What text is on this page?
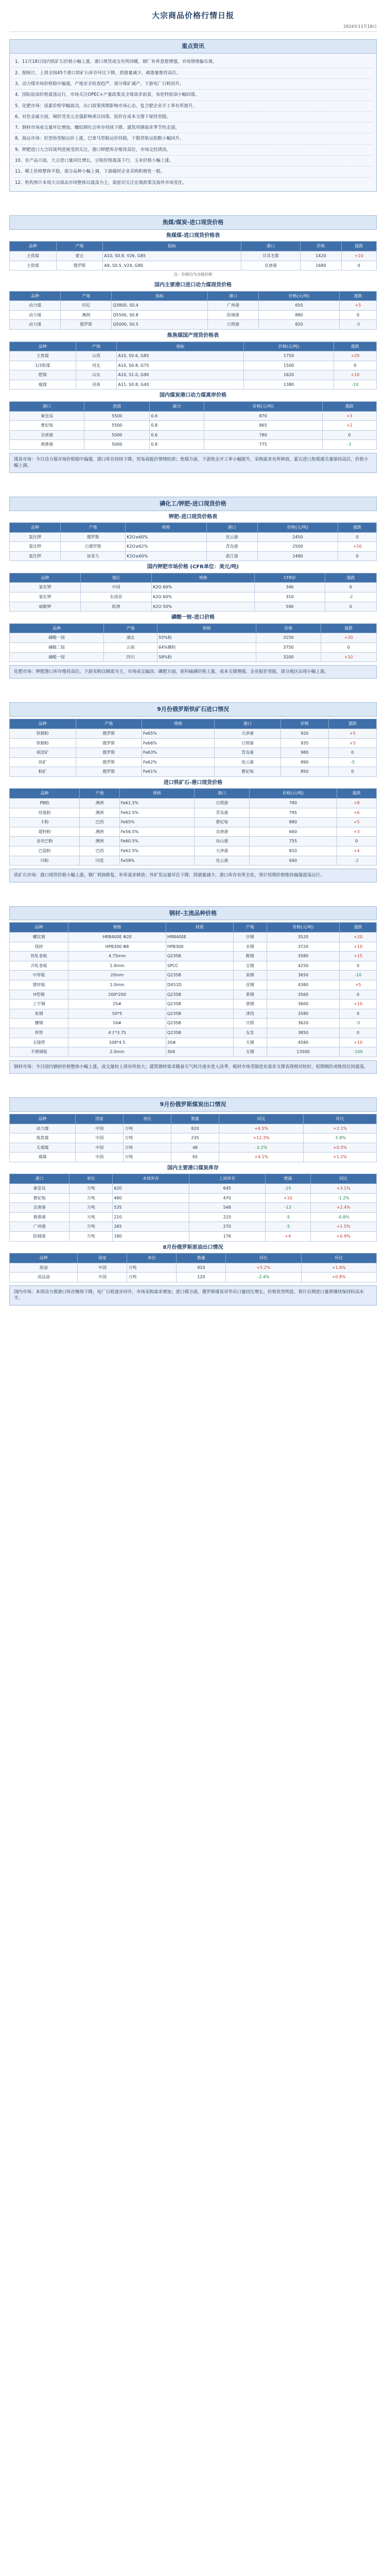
大宗商品价格行情日报
2024年11月18日
重点资讯
1、11月18日国内铁矿石价格小幅上涨，港口现货成交有所回暖，钢厂补库意愿增强，市场情绪偏乐观。
2、据统计，上周全国45个港口铁矿石库存环比下降，到港量减少，疏港量维持高位。
3、动力煤市场价格稳中偏强，产地安全检查趋严，部分煤矿减产，下游电厂日耗回升。
4、国际原油价格震荡运行，市场关注OPEC+产量政策及全球需求前景，布伦特原油小幅回落。
5、化肥市场：尿素价格窄幅波动，出口政策预期影响市场心态，复合肥企业开工率有所提升。
6、有色金属方面，铜价受美元走强影响承压回落，铝价在成本支撑下保持坚挺。
7、钢材市场成交量环比增加，螺纹钢社会库存持续下降，建筑用钢需求季节性走弱。
8、海运市场：好望角型船运价上涨，巴拿马型船运价持稳，干散货航运指数小幅回升。
9、钾肥进口大合同谈判进展受到关注，港口钾肥库存维持高位，市场交投清淡。
10、农产品方面，大豆进口量同比增长，豆粕价格震荡下行，玉米价格小幅上涨。
11、稀土价格整体平稳，部分品种小幅上调，下游磁材企业采购积极性一般。
12、机构预计本周大宗商品市场整体以震荡为主，需密切关注宏观政策及海外市场变化。
焦煤/煤炭-进口现货价格
焦煤煤-进口现货价格表
品种	产地	指标	港口	价格	涨跌
主焦煤	蒙古	A10, S0.8, V26, G85	甘其毛都	1420	+10
主焦煤	俄罗斯	A9, S0.5, V24, G80	京唐港	1680	0
注：价格均为含税价格
国内主要港口进口动力煤现货价格
品种	产地	指标	港口	价格(元/吨)	涨跌
动力煤	印尼	Q3800, S0.4	广州港	650	+5
动力煤	澳洲	Q5500, S0.8	防城港	880	0
动力煤	俄罗斯	Q5000, S0.5	日照港	820	-5
炼焦煤国产现货价格表
品种	产地	指标	价格(元/吨)	涨跌
主焦煤	山西	A10, S0.6, G85	1750	+20
1/3焦煤	河北	A10, S0.8, G75	1500	0
肥煤	山东	A10, S1.0, G90	1620	+10
瘦煤	河南	A11, S0.8, G40	1380	-10
国内煤炭港口动力煤离岸价格
港口	热值	硫分	价格(元/吨)	涨跌
秦皇岛	5500	0.6	870	+3
曹妃甸	5500	0.8	865	+2
京唐港	5000	0.6	780	0
黄骅港	5000	0.8	775	-2
煤炭市场：今日动力煤市场价格稳中偏强，港口库存持续下降，贸易商挺价情绪较浓；焦煤方面，下游焦企开工率小幅提升，采购需求有所释放，蒙古进口焦煤通关量保持高位，价格小幅上调。
磷化工/钾肥-进口现货价格
钾肥-进口现货价格表
品种	产地	规格	港口	价格(元/吨)	涨跌
氯化钾	俄罗斯	K2O≥60%	连云港	2450	0
氯化钾	白俄罗斯	K2O≥62%	青岛港	2500	+10
氯化钾	加拿大	K2O≥60%	湛江港	2480	0
国内钾肥市场价格 (CFR单位：美元/吨)
品种	地区	规格	CFR价	涨跌
氯化钾	中国	K2O 60%	346	0
氯化钾	东南亚	K2O 60%	310	-2
硫酸钾	欧洲	K2O 50%	590	0
磷酸一铵-进口价格
品种	产地	规格	价格	涨跌
磷酸一铵	湖北	55%粉	3150	+20
磷酸二铵	云南	64%颗粒	3750	0
磷酸一铵	四川	58%粉	3200	+10
化肥市场：钾肥港口库存维持高位，下游采购以刚需为主，市场成交偏淡；磷肥方面，原料硫磺价格上涨，成本支撑增强，企业报价坚挺，部分地区出现小幅上涨。
9月份俄罗斯铁矿石进口情况
品种	产地	规格	港口	价格	涨跌
铁精粉	俄罗斯	Fe65%	天津港	920	+5
铁精粉	俄罗斯	Fe66%	日照港	935	+5
球团矿	俄罗斯	Fe63%	青岛港	980	0
块矿	俄罗斯	Fe62%	连云港	890	-5
粉矿	俄罗斯	Fe61%	曹妃甸	850	0
进口铁矿石-港口现货价格
品种	产地	规格	港口	价格(元/吨)	涨跌
PB粉	澳洲	Fe61.5%	日照港	780	+8
纽曼粉	澳洲	Fe62.5%	青岛港	795	+6
卡粉	巴西	Fe65%	曹妃甸	880	+5
超特粉	澳洲	Fe56.5%	京唐港	660	+3
金布巴粉	澳洲	Fe60.5%	岚山港	755	0
巴混粉	巴西	Fe62.5%	天津港	810	+4
印粉	印度	Fe58%	连云港	690	-2
铁矿石市场：港口现货价格小幅上涨，钢厂利润修复，补库需求释放；外矿发运量环比下降，到港量减少，港口库存有所去化，预计短期价格维持偏强震荡运行。
钢材-主流品种价格
品种	规格	材质	产地	价格(元/吨)	涨跌
螺纹钢	HRB400E Φ20	HRB400E	沙钢	3520	+20
线材	HPB300 Φ8	HPB300	永钢	3720	+10
热轧卷板	4.75mm	Q235B	鞍钢	3580	+15
冷轧卷板	1.0mm	SPCC	宝钢	4250	0
中厚板	20mm	Q235B	南钢	3650	-10
镀锌板	1.0mm	DX51D	首钢	4380	+5
H型钢	200*200	Q235B	莱钢	3560	0
工字钢	25#	Q235B	唐钢	3600	+10
角钢	50*5	Q235B	津西	3580	0
槽钢	16#	Q235B	日照	3620	-5
焊管	4寸*3.75	Q235B	友发	3850	0
无缝管	108*4.5	20#	天钢	4580	+10
不锈钢板	2.0mm	304	太钢	13500	-100
钢材市场：今日国内钢材价格整体小幅上涨，成交量较上周有所放大；建筑钢材需求随着天气转冷逐步进入淡季，板材市场受制造业需求支撑表现相对较好，短期钢价或维持区间震荡。
9月份俄罗斯煤炭出口情况
品种	国家	单位	数量	同比	环比
动力煤	中国	万吨	820	+6.5%	+2.1%
炼焦煤	中国	万吨	235	+12.3%	-1.8%
无烟煤	中国	万吨	48	-3.2%	+0.5%
褐煤	中国	万吨	65	+4.1%	+1.2%
国内主要港口煤炭库存
港口	单位	本周库存	上周库存	增减	同比
秦皇岛	万吨	620	645	-25	+3.1%
曹妃甸	万吨	480	470	+10	-1.2%
京唐港	万吨	535	548	-13	+2.4%
黄骅港	万吨	210	215	-5	-0.8%
广州港	万吨	265	270	-5	+1.5%
防城港	万吨	180	176	+4	+0.9%
8月份俄罗斯原油出口情况
品种	国家	单位	数量	同比	环比
原油	中国	万吨	910	+5.2%	+1.6%
成品油	中国	万吨	120	-2.4%	+0.8%
国内市场：本周动力煤港口库存继续下降，电厂日耗逐步回升，市场采购需求增加；进口煤方面，俄罗斯煤炭对华出口量同比增长，价格优势明显，预计后期进口量将继续保持较高水平。
